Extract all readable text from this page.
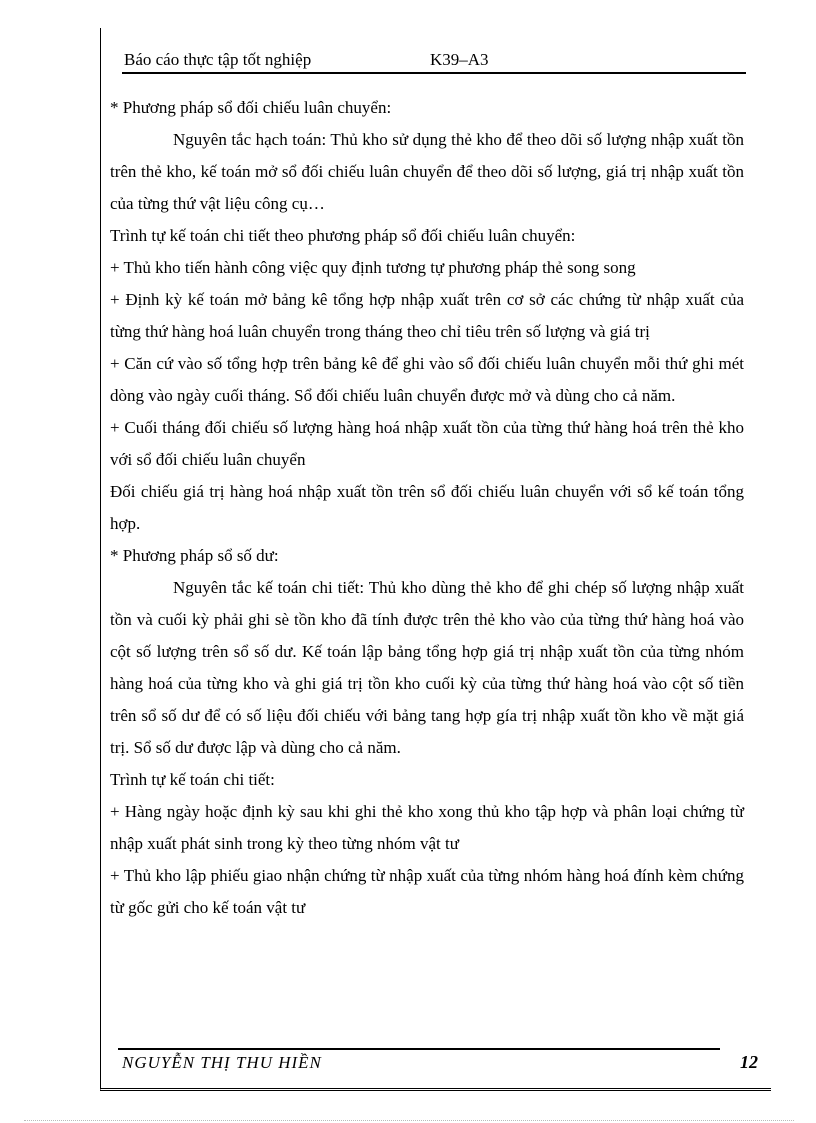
Báo cáo thực tập tốt nghiệp	K39–A3

* Phương pháp sổ đối chiếu luân chuyển:

Nguyên tắc hạch toán: Thủ kho sử dụng thẻ kho để theo dõi số lượng nhập xuất tồn trên thẻ kho, kế toán mở sổ đối chiếu luân chuyển để theo dõi số lượng, giá trị nhập xuất tồn của từng thứ vật liệu công cụ…

Trình tự kế toán chi tiết theo phương pháp sổ đối chiếu luân chuyển:

+ Thủ kho tiến hành công việc quy định tương tự phương pháp thẻ song song

+ Định kỳ kế toán mở bảng kê tổng hợp nhập xuất trên cơ sở các chứng từ nhập xuất của từng thứ hàng hoá luân chuyển trong tháng theo chỉ tiêu trên số lượng và giá trị

+ Căn cứ vào số tổng hợp trên bảng kê để ghi vào sổ đối chiếu luân chuyển mỗi thứ ghi mét dòng vào ngày cuối tháng. Sổ đối chiếu luân chuyển được mở và dùng cho cả năm.

+ Cuối tháng đối chiếu số lượng hàng hoá nhập xuất tồn của từng thứ hàng hoá trên thẻ kho với sổ đối chiếu luân chuyển

Đối chiếu giá trị hàng hoá nhập xuất tồn trên sổ đối chiếu luân chuyển với sổ kế toán tổng hợp.

* Phương pháp sổ số dư:

Nguyên tắc kế toán chi tiết: Thủ kho dùng thẻ kho để ghi chép số lượng nhập xuất tồn và cuối kỳ phải ghi sè tồn kho đã tính được trên thẻ kho vào của từng thứ hàng hoá vào cột số lượng trên sổ số dư. Kế toán lập bảng tổng hợp giá trị nhập xuất tồn của từng nhóm hàng hoá của từng kho và ghi giá trị tồn kho cuối kỳ của từng thứ hàng hoá vào cột số tiền trên sổ số dư để có số liệu đối chiếu với bảng tang hợp gía trị nhập xuất tồn kho về mặt giá trị. Sổ số dư được lập và dùng cho cả năm.

Trình tự kế toán chi tiết:

+ Hàng ngày hoặc định kỳ sau khi ghi thẻ kho xong thủ kho tập hợp và phân loại chứng từ nhập xuất phát sinh trong kỳ theo từng nhóm vật tư

+ Thủ kho lập phiếu giao nhận chứng từ nhập xuất của từng nhóm hàng hoá đính kèm chứng từ gốc gửi cho kế toán vật tư

NGUYỄN THỊ THU HIỀN	12
